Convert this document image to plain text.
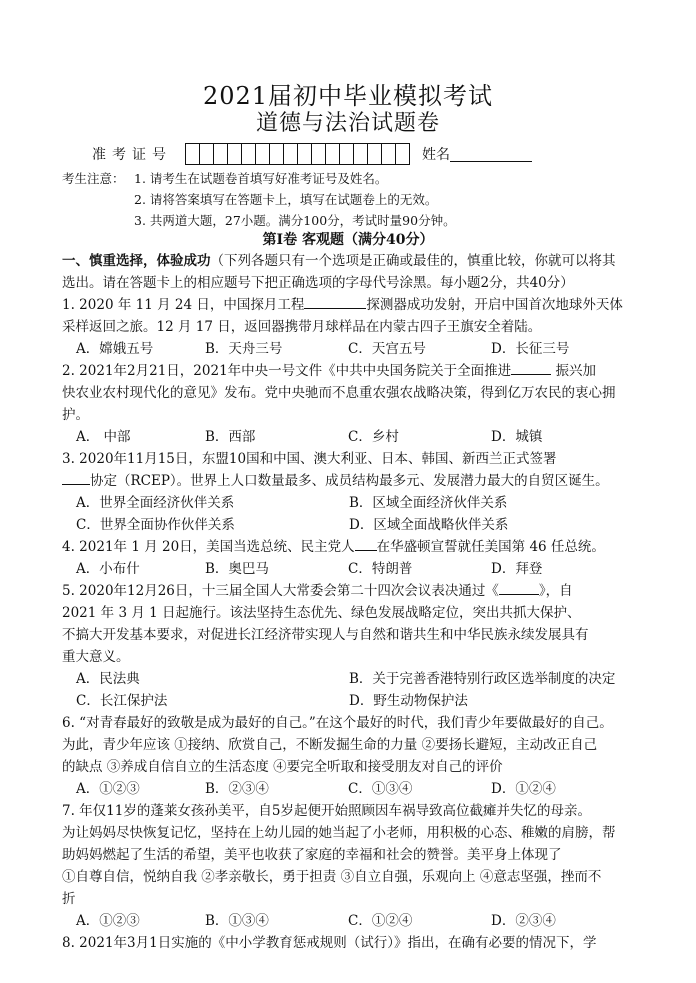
2021届初中毕业模拟考试
道德与法治试题卷
准考证号	姓名
考生注意： 1. 请考生在试题卷首填写好准考证号及姓名。
2. 请将答案填写在答题卡上，填写在试题卷上的无效。
3. 共两道大题，27小题。满分100分，考试时量90分钟。
第Ⅰ卷 客观题（满分40分）

一、慎重选择，体验成功（下列各题只有一个选项是正确或最佳的，慎重比较，你就可以将其

选出。请在答题卡上的相应题号下把正确选项的字母代号涂黑。每小题2分，共40分）

1. 2020 年 11 月 24 日，中国探月工程	探测器成功发射，开启中国首次地球外天体

采样返回之旅。12 月 17 日，返回器携带月球样品在内蒙古四子王旗安全着陆。

A．嫦娥五号	B．天舟三号	C．天宫五号	D．长征三号

2. 2021年2月21日，2021年中央一号文件《中共中央国务院关于全面推进	振兴加

快农业农村现代化的意见》发布。党中央驰而不息重农强农战略决策，得到亿万农民的衷心拥

护。

A． 中部	B．西部	C．乡村	D．城镇

3. 2020年11月15日，东盟10国和中国、澳大利亚、日本、韩国、新西兰正式签署

协定（RCEP）。世界上人口数量最多、成员结构最多元、发展潜力最大的自贸区诞生。

A．世界全面经济伙伴关系	B．区域全面经济伙伴关系
C．世界全面协作伙伴关系	D．区域全面战略伙伴关系

4. 2021年 1 月 20日，美国当选总统、民主党人 在华盛顿宣誓就任美国第 46 任总统。

A．小布什	B．奥巴马	C．特朗普	D．拜登

5. 2020年12月26日，十三届全国人大常委会第二十四次会议表决通过《	》，自

2021 年 3 月 1 日起施行。该法坚持生态优先、绿色发展战略定位，突出共抓大保护、

不搞大开发基本要求，对促进长江经济带实现人与自然和谐共生和中华民族永续发展具有

重大意义。

A．民法典	B．关于完善香港特别行政区选举制度的决定
C．长江保护法	D．野生动物保护法

6. “对青春最好的致敬是成为最好的自己。”在这个最好的时代，我们青少年要做最好的自己。

为此，青少年应该 ①接纳、欣赏自己，不断发掘生命的力量 ②要扬长避短，主动改正自己

的缺点 ③养成自信自立的生活态度 ④要完全听取和接受朋友对自己的评价

A．①②③	B．②③④	C．①③④	D．①②④

7. 年仅11岁的蓬莱女孩孙美平，自5岁起便开始照顾因车祸导致高位截瘫并失忆的母亲。

为让妈妈尽快恢复记忆，坚持在上幼儿园的她当起了小老师，用积极的心态、稚嫩的肩膀，帮

助妈妈燃起了生活的希望，美平也收获了家庭的幸福和社会的赞誉。美平身上体现了

①自尊自信，悦纳自我 ②孝亲敬长，勇于担责 ③自立自强，乐观向上 ④意志坚强，挫而不

折

A．①②③	B．①③④	C．①②④	D．②③④

8. 2021年3月1日实施的《中小学教育惩戒规则（试行）》指出，在确有必要的情况下，学
